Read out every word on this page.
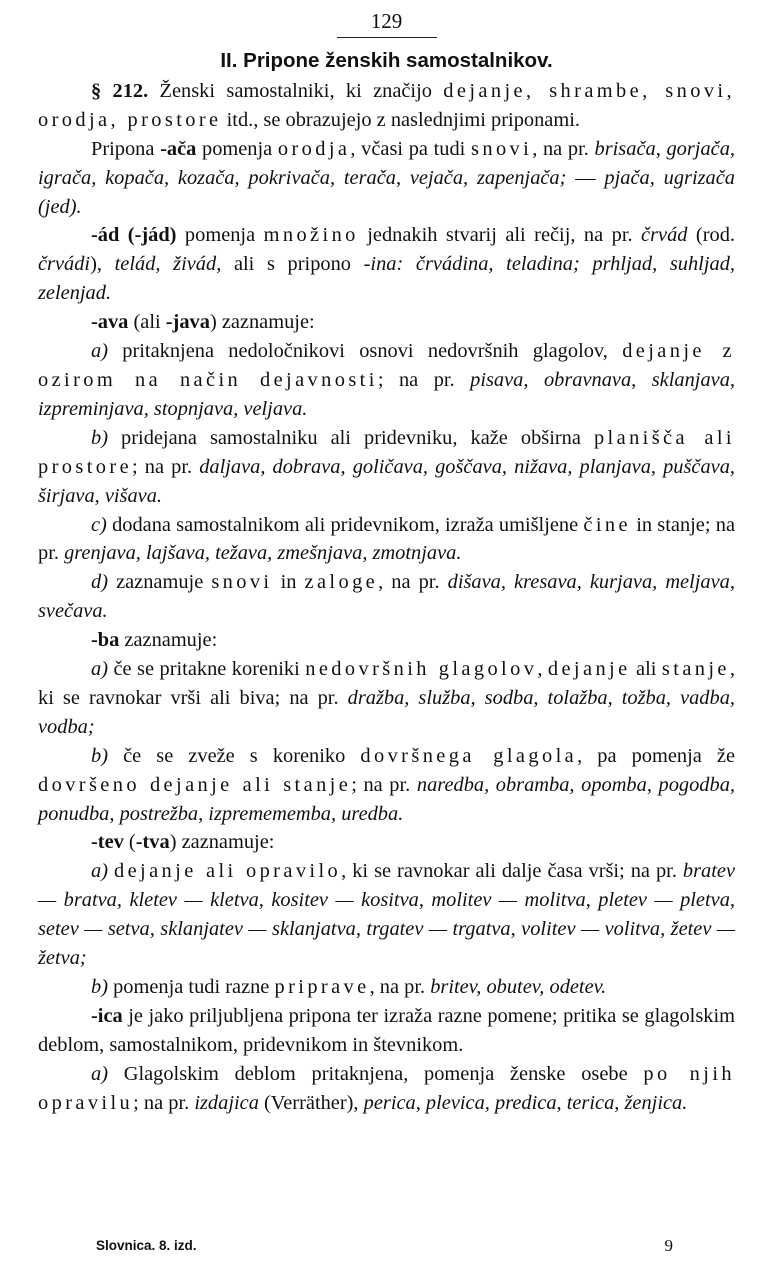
129
II. Pripone ženskih samostalnikov.

§ 212. Ženski samostalniki, ki značijo dejanje, shrambe, snovi, orodja, prostore itd., se obrazujejo z naslednjimi priponami.

Pripona -ača pomenja orodja, včasi pa tudi snovi, na pr. brisača, gorjača, igrača, kopača, kozača, pokrivača, terača, vejača, zapenjača; — pjača, ugrizača (jed).

-ád (-jád) pomenja množino jednakih stvarij ali rečij, na pr. črvád (rod. črvádi), telád, živád, ali s pripono -ina: črvádina, teladina; prhljad, suhljad, zelenjad.

-ava (ali -java) zaznamuje:

a) pritaknjena nedoločnikovi osnovi nedovršnih glagolov, dejanje z ozirom na način dejavnosti; na pr. pisava, obravnava, sklanjava, izpreminjava, stopnjava, veljava.

b) pridejana samostalniku ali pridevniku, kaže obširna planišča ali prostore; na pr. daljava, dobrava, goličava, goščava, nižava, planjava, puščava, širjava, višava.

c) dodana samostalnikom ali pridevnikom, izraža umišljene čine in stanje; na pr. grenjava, lajšava, težava, zmešnjava, zmotnjava.

d) zaznamuje snovi in zaloge, na pr. dišava, kresava, kurjava, meljava, svečava.

-ba zaznamuje:

a) če se pritakne koreniki nedovršnih glagolov, dejanje ali stanje, ki se ravnokar vrši ali biva; na pr. dražba, služba, sodba, tolažba, tožba, vadba, vodba;

b) če se zveže s koreniko dovršnega glagola, pa pomenja že dovršeno dejanje ali stanje; na pr. naredba, obramba, opomba, pogodba, ponudba, postrežba, izpremememba, uredba.

-tev (-tva) zaznamuje:

a) dejanje ali opravilo, ki se ravnokar ali dalje časa vrši; na pr. bratev — bratva, kletev — kletva, kositev — kositva, molitev — molitva, pletev — pletva, setev — setva, sklanjatev — sklanjatva, trgatev — trgatva, volitev — volitva, žetev — žetva;

b) pomenja tudi razne priprave, na pr. britev, obutev, odetev.

-ica je jako priljubljena pripona ter izraža razne pomene; pritika se glagolskim deblom, samostalnikom, pridevnikom in števnikom.

a) Glagolskim deblom pritaknjena, pomenja ženske osebe po njih opravilu; na pr. izdajica (Verräther), perica, plevica, predica, terica, ženjica.

Slovnica. 8. izd.	9
